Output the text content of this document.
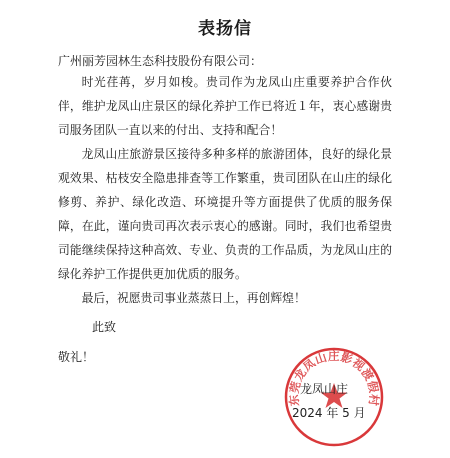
表扬信
广州丽芳园林生态科技股份有限公司：

时光荏苒，岁月如梭。贵司作为龙凤山庄重要养护合作伙伴，维护龙凤山庄景区的绿化养护工作已将近１年，衷心感谢贵司服务团队一直以来的付出、支持和配合！

龙凤山庄旅游景区接待多种多样的旅游团体，良好的绿化景观效果、枯枝安全隐患排查等工作繁重，贵司团队在山庄的绿化修剪、养护、绿化改造、环境提升等方面提供了优质的服务保障，在此，谨向贵司再次表示衷心的感谢。同时，我们也希望贵司能继续保持这种高效、专业、负责的工作品质，为龙凤山庄的绿化养护工作提供更加优质的服务。

最后，祝愿贵司事业蒸蒸日上，再创辉煌！

此致
敬礼！
东莞龙凤山庄影视渡假村
龙凤山庄
2024 年 5 月
